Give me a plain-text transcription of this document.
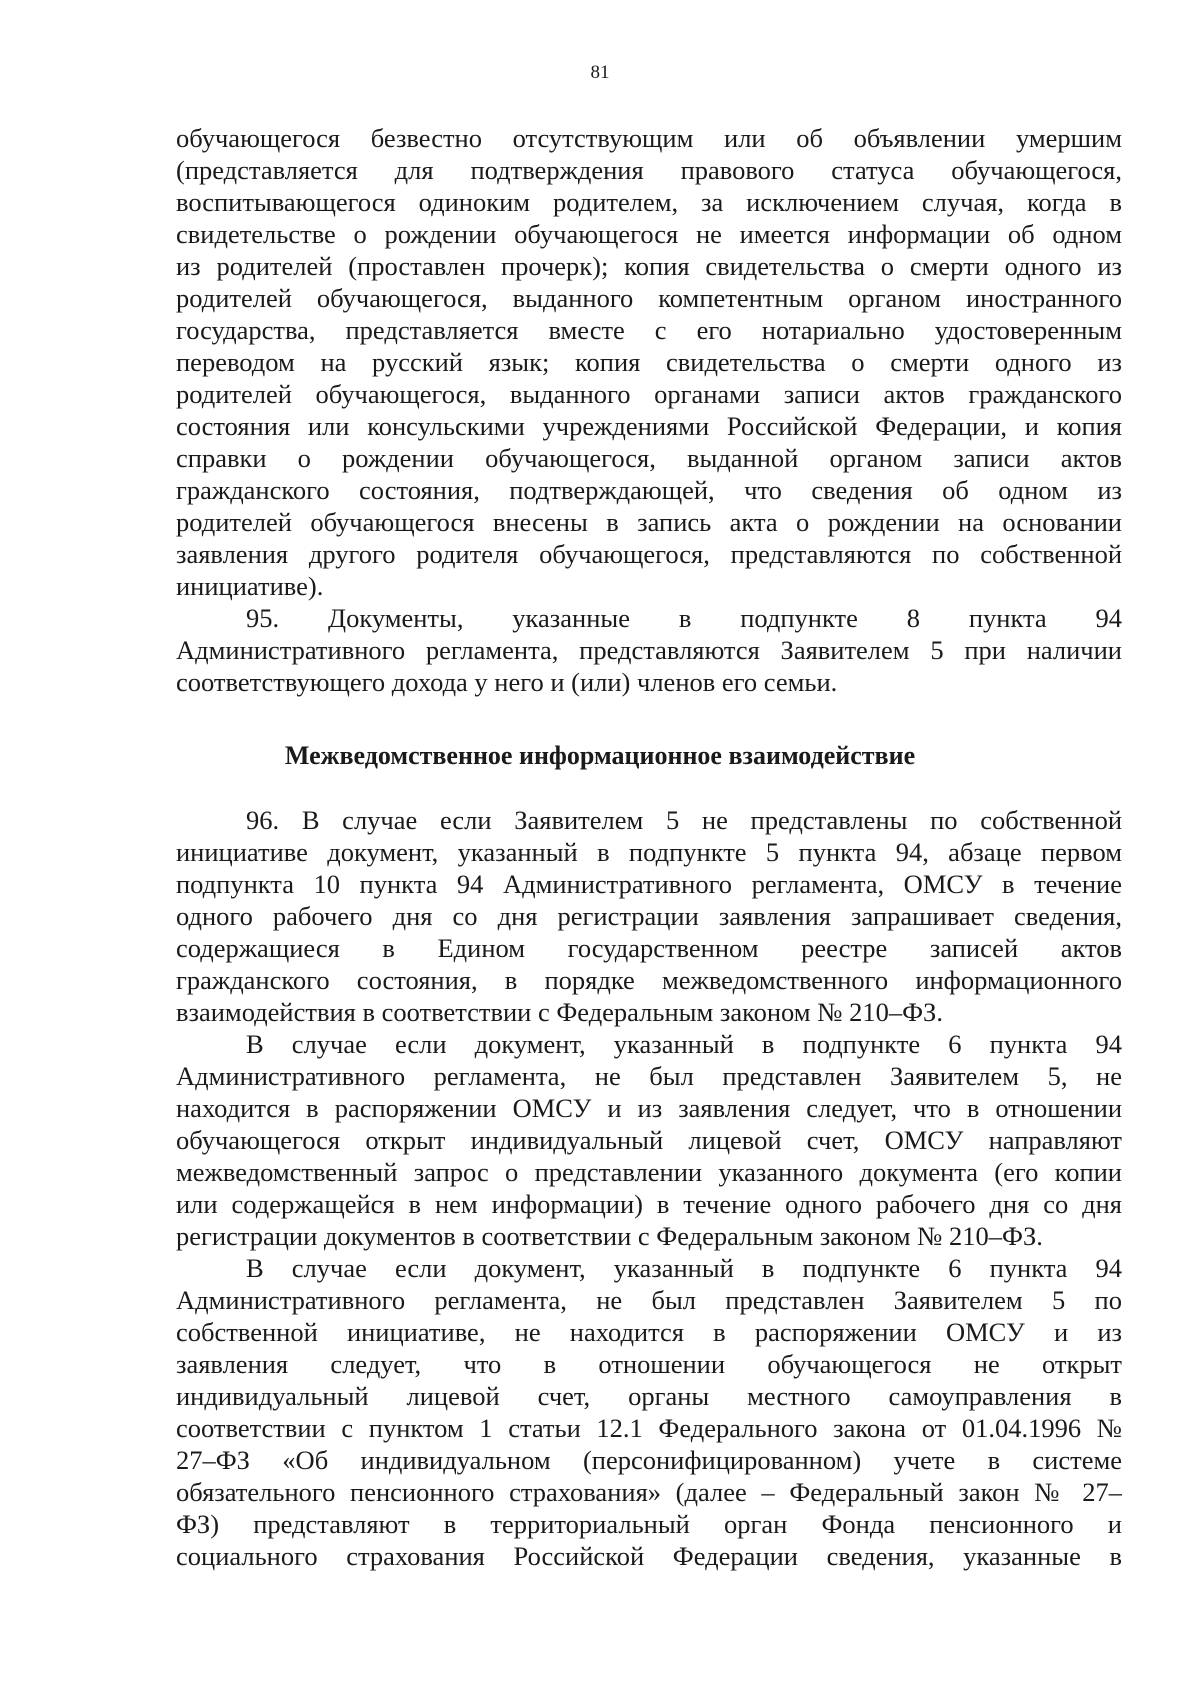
81
обучающегося безвестно отсутствующим или об объявлении умершим
(представляется для подтверждения правового статуса обучающегося,
воспитывающегося одиноким родителем, за исключением случая, когда в
свидетельстве о рождении обучающегося не имеется информации об одном
из родителей (проставлен прочерк); копия свидетельства о смерти одного из
родителей обучающегося, выданного компетентным органом иностранного
государства, представляется вместе с его нотариально удостоверенным
переводом на русский язык; копия свидетельства о смерти одного из
родителей обучающегося, выданного органами записи актов гражданского
состояния или консульскими учреждениями Российской Федерации, и копия
справки о рождении обучающегося, выданной органом записи актов
гражданского состояния, подтверждающей, что сведения об одном из
родителей обучающегося внесены в запись акта о рождении на основании
заявления другого родителя обучающегося, представляются по собственной
инициативе).
95. Документы, указанные в подпункте 8 пункта 94
Административного регламента, представляются Заявителем 5 при наличии
соответствующего дохода у него и (или) членов его семьи.
Межведомственное информационное взаимодействие
96. В случае если Заявителем 5 не представлены по собственной
инициативе документ, указанный в подпункте 5 пункта 94, абзаце первом
подпункта 10 пункта 94 Административного регламента, ОМСУ в течение
одного рабочего дня со дня регистрации заявления запрашивает сведения,
содержащиеся в Едином государственном реестре записей актов
гражданского состояния, в порядке межведомственного информационного
взаимодействия в соответствии с Федеральным законом № 210–ФЗ.
В случае если документ, указанный в подпункте 6 пункта 94
Административного регламента, не был представлен Заявителем 5, не
находится в распоряжении ОМСУ и из заявления следует, что в отношении
обучающегося открыт индивидуальный лицевой счет, ОМСУ направляют
межведомственный запрос о представлении указанного документа (его копии
или содержащейся в нем информации) в течение одного рабочего дня со дня
регистрации документов в соответствии с Федеральным законом № 210–ФЗ.
В случае если документ, указанный в подпункте 6 пункта 94
Административного регламента, не был представлен Заявителем 5 по
собственной инициативе, не находится в распоряжении ОМСУ и из
заявления следует, что в отношении обучающегося не открыт
индивидуальный лицевой счет, органы местного самоуправления в
соответствии с пунктом 1 статьи 12.1 Федерального закона от 01.04.1996 №
27–ФЗ «Об индивидуальном (персонифицированном) учете в системе
обязательного пенсионного страхования» (далее – Федеральный закон № 27–
ФЗ) представляют в территориальный орган Фонда пенсионного и
социального страхования Российской Федерации сведения, указанные в
